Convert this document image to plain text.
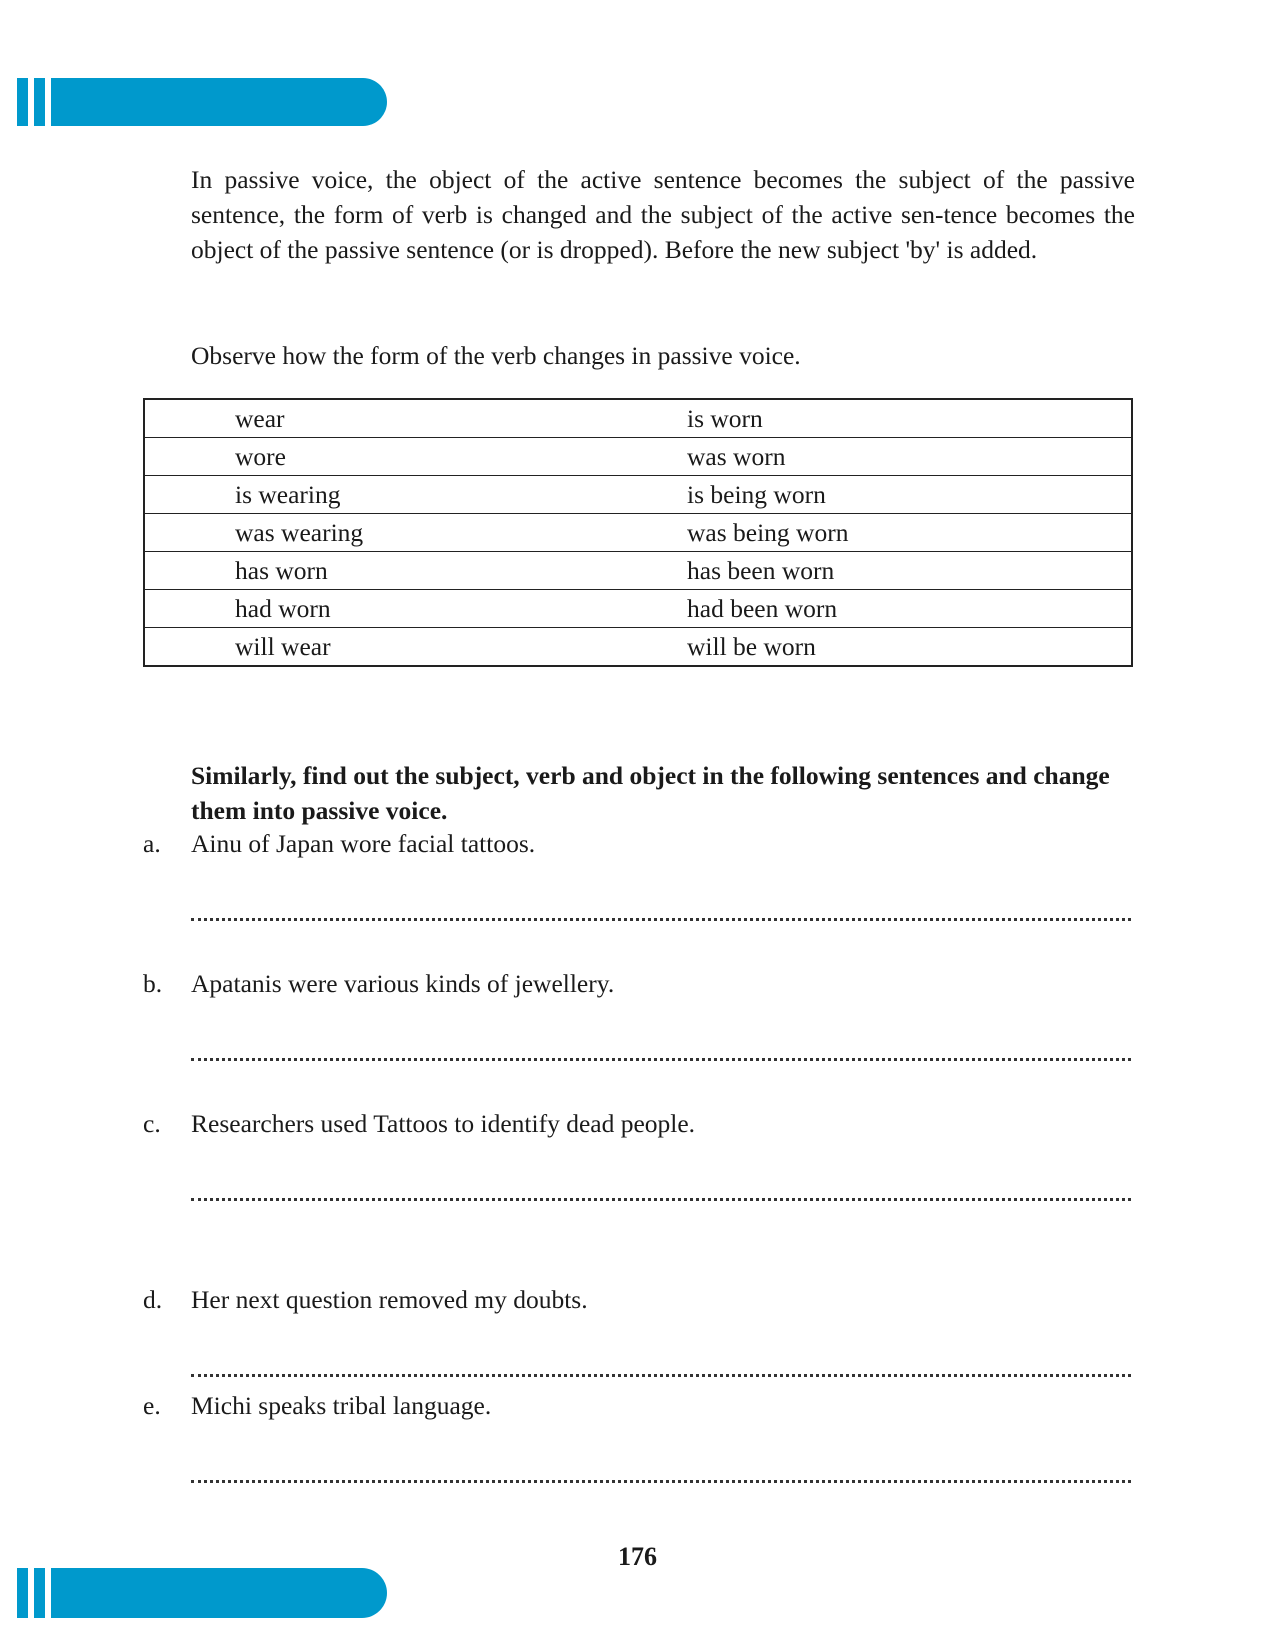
In passive voice, the object of the active sentence becomes the subject of the passive sentence, the form of verb is changed and the subject of the active sen-tence becomes the object of the passive sentence (or is dropped). Before the new subject 'by' is added.

Observe how the form of the verb changes in passive voice.

wear	is worn
wore	was worn
is wearing	is being worn
was wearing	was being worn
has worn	has been worn
had worn	had been worn
will wear	will be worn

Similarly, find out the subject, verb and object in the following sentences and change them into passive voice.

a.	Ainu of Japan wore facial tattoos.
b.	Apatanis were various kinds of jewellery.
c.	Researchers used Tattoos to identify dead people.
d.	Her next question removed my doubts.
e.	Michi speaks tribal language.
176
